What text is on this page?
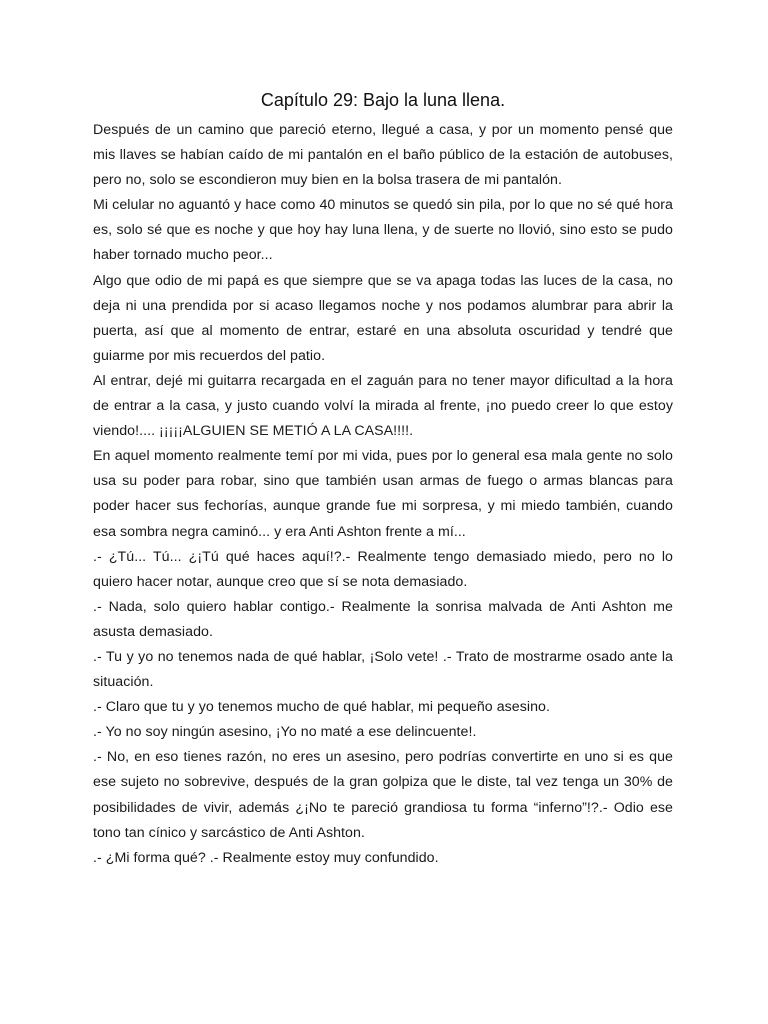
Capítulo 29: Bajo la luna llena.

Después de un camino que pareció eterno, llegué a casa, y por un momento pensé que mis llaves se habían caído de mi pantalón en el baño público de la estación de autobuses, pero no, solo se escondieron muy bien en la bolsa trasera de mi pantalón.

Mi celular no aguantó y hace como 40 minutos se quedó sin pila, por lo que no sé qué hora es, solo sé que es noche y que hoy hay luna llena, y de suerte no llovió, sino esto se pudo haber tornado mucho peor...

Algo que odio de mi papá es que siempre que se va apaga todas las luces de la casa, no deja ni una prendida por si acaso llegamos noche y nos podamos alumbrar para abrir la puerta, así que al momento de entrar, estaré en una absoluta oscuridad y tendré que guiarme por mis recuerdos del patio.

Al entrar, dejé mi guitarra recargada en el zaguán para no tener mayor dificultad a la hora de entrar a la casa, y justo cuando volví la mirada al frente, ¡no puedo creer lo que estoy viendo!.... ¡¡¡¡¡ALGUIEN SE METIÓ A LA CASA!!!!.

En aquel momento realmente temí por mi vida, pues por lo general esa mala gente no solo usa su poder para robar, sino que también usan armas de fuego o armas blancas para poder hacer sus fechorías, aunque grande fue mi sorpresa, y mi miedo también, cuando esa sombra negra caminó... y era Anti Ashton frente a mí...

.- ¿Tú... Tú... ¿¡Tú qué haces aquí!?.- Realmente tengo demasiado miedo, pero no lo quiero hacer notar, aunque creo que sí se nota demasiado.

.- Nada, solo quiero hablar contigo.- Realmente la sonrisa malvada de Anti Ashton me asusta demasiado.

.- Tu y yo no tenemos nada de qué hablar, ¡Solo vete! .- Trato de mostrarme osado ante la situación.

.- Claro que tu y yo tenemos mucho de qué hablar, mi pequeño asesino.

.- Yo no soy ningún asesino, ¡Yo no maté a ese delincuente!.

.- No, en eso tienes razón, no eres un asesino, pero podrías convertirte en uno si es que ese sujeto no sobrevive, después de la gran golpiza que le diste, tal vez tenga un 30% de posibilidades de vivir, además ¿¡No te pareció grandiosa tu forma “inferno”!?.- Odio ese tono tan cínico y sarcástico de Anti Ashton.

.- ¿Mi forma qué? .- Realmente estoy muy confundido.
